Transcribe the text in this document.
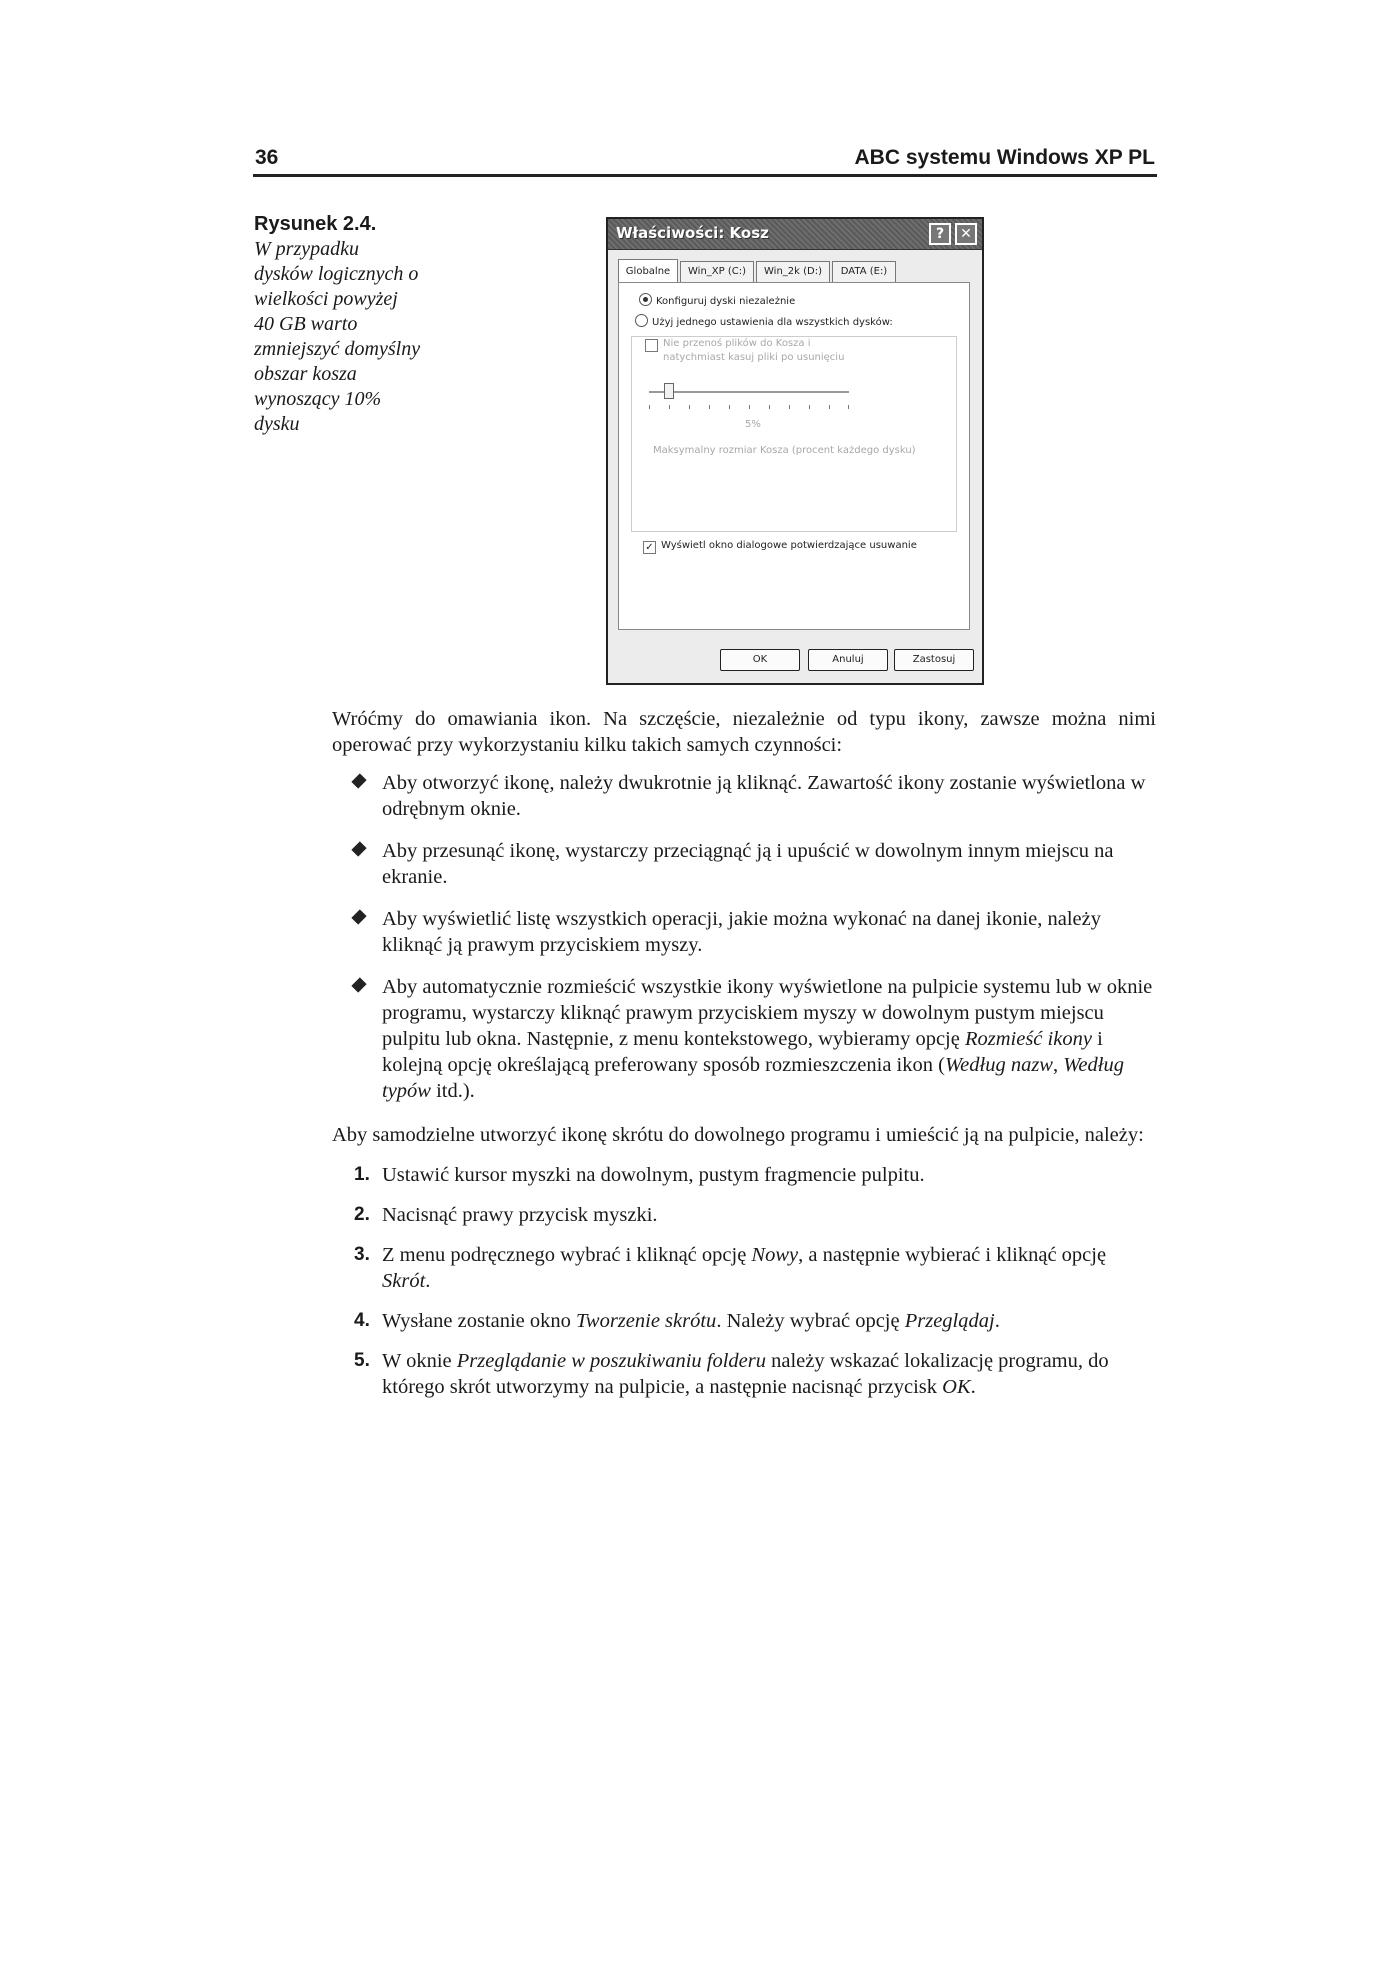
36	ABC systemu Windows XP PL
Rysunek 2.4.
W przypadku dysków logicznych o wielkości powyżej 40 GB warto zmniejszyć domyślny obszar kosza wynoszący 10% dysku
Właściwości: Kosz	?	✕
Globalne	Win_XP (C:)	Win_2k (D:)	DATA (E:)
Konfiguruj dyski niezależnie
Użyj jednego ustawienia dla wszystkich dysków:
Nie przenoś plików do Kosza i
natychmiast kasuj pliki po usunięciu
5%
Maksymalny rozmiar Kosza (procent każdego dysku)
✓ Wyświetl okno dialogowe potwierdzające usuwanie
OK	Anuluj	Zastosuj

Wróćmy do omawiania ikon. Na szczęście, niezależnie od typu ikony, zawsze można nimi operować przy wykorzystaniu kilku takich samych czynności:

Aby otworzyć ikonę, należy dwukrotnie ją kliknąć. Zawartość ikony zostanie wyświetlona w odrębnym oknie.
Aby przesunąć ikonę, wystarczy przeciągnąć ją i upuścić w dowolnym innym miejscu na ekranie.
Aby wyświetlić listę wszystkich operacji, jakie można wykonać na danej ikonie, należy kliknąć ją prawym przyciskiem myszy.
Aby automatycznie rozmieścić wszystkie ikony wyświetlone na pulpicie systemu lub w oknie programu, wystarczy kliknąć prawym przyciskiem myszy w dowolnym pustym miejscu pulpitu lub okna. Następnie, z menu kontekstowego, wybieramy opcję Rozmieść ikony i kolejną opcję określającą preferowany sposób rozmieszczenia ikon (Według nazw, Według typów itd.).

Aby samodzielne utworzyć ikonę skrótu do dowolnego programu i umieścić ją na pulpicie, należy:

1. Ustawić kursor myszki na dowolnym, pustym fragmencie pulpitu.
2. Nacisnąć prawy przycisk myszki.
3. Z menu podręcznego wybrać i kliknąć opcję Nowy, a następnie wybierać i kliknąć opcję Skrót.
4. Wysłane zostanie okno Tworzenie skrótu. Należy wybrać opcję Przeglądaj.
5. W oknie Przeglądanie w poszukiwaniu folderu należy wskazać lokalizację programu, do którego skrót utworzymy na pulpicie, a następnie nacisnąć przycisk OK.
